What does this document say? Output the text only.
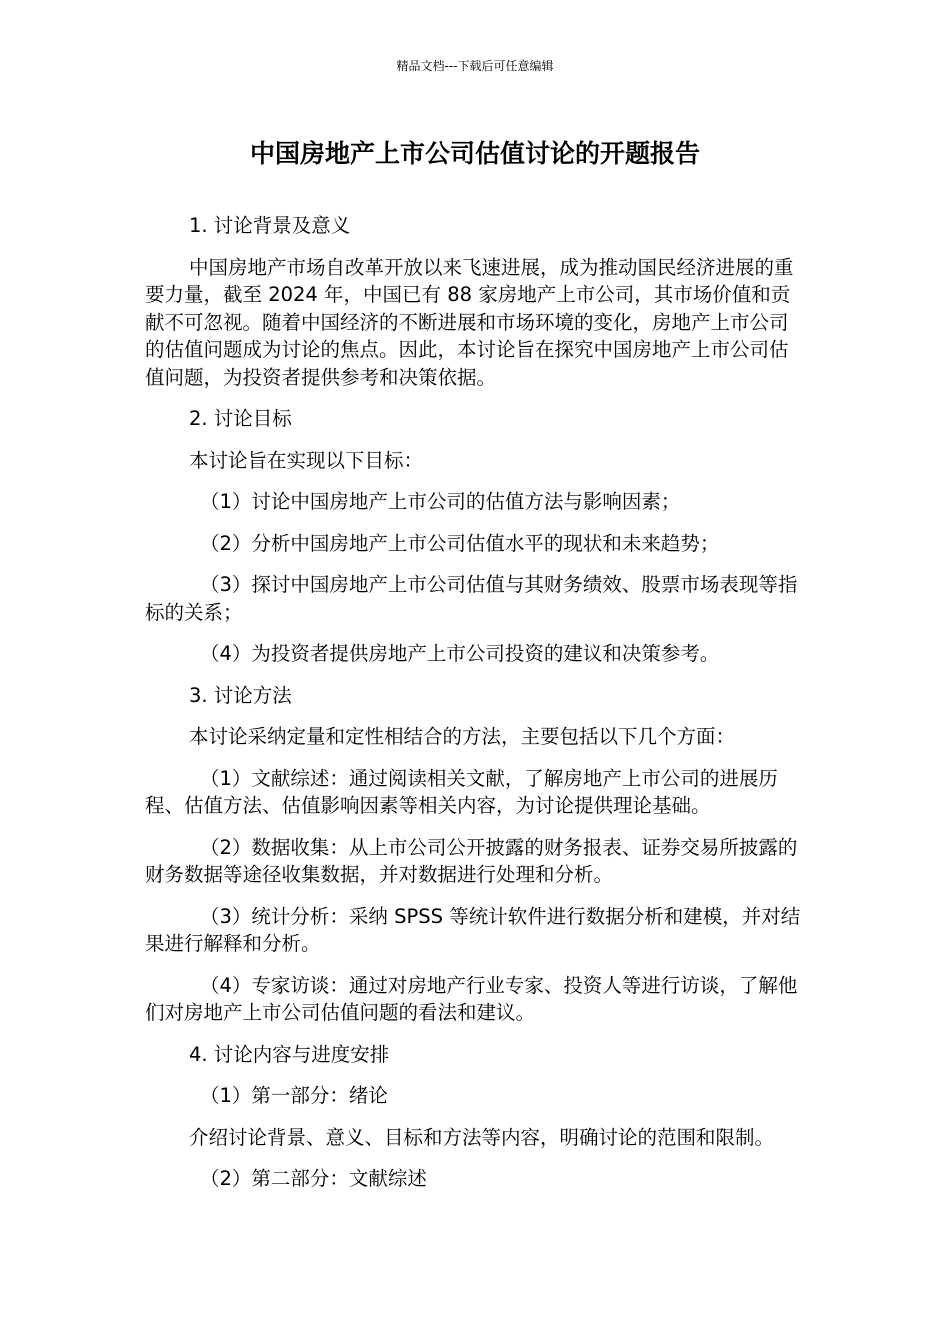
精品文档---下载后可任意编辑
中国房地产上市公司估值讨论的开题报告

1. 讨论背景及意义

中国房地产市场自改革开放以来飞速进展，成为推动国民经济进展的重要力量，截至 2024 年，中国已有 88 家房地产上市公司，其市场价值和贡献不可忽视。随着中国经济的不断进展和市场环境的变化，房地产上市公司的估值问题成为讨论的焦点。因此，本讨论旨在探究中国房地产上市公司估值问题，为投资者提供参考和决策依据。

2. 讨论目标

本讨论旨在实现以下目标：

（1）讨论中国房地产上市公司的估值方法与影响因素；

（2）分析中国房地产上市公司估值水平的现状和未来趋势；

（3）探讨中国房地产上市公司估值与其财务绩效、股票市场表现等指标的关系；

（4）为投资者提供房地产上市公司投资的建议和决策参考。

3. 讨论方法

本讨论采纳定量和定性相结合的方法，主要包括以下几个方面：

（1）文献综述：通过阅读相关文献，了解房地产上市公司的进展历程、估值方法、估值影响因素等相关内容，为讨论提供理论基础。

（2）数据收集：从上市公司公开披露的财务报表、证券交易所披露的财务数据等途径收集数据，并对数据进行处理和分析。

（3）统计分析：采纳 SPSS 等统计软件进行数据分析和建模，并对结果进行解释和分析。

（4）专家访谈：通过对房地产行业专家、投资人等进行访谈，了解他们对房地产上市公司估值问题的看法和建议。

4. 讨论内容与进度安排

（1）第一部分：绪论

介绍讨论背景、意义、目标和方法等内容，明确讨论的范围和限制。

（2）第二部分：文献综述
